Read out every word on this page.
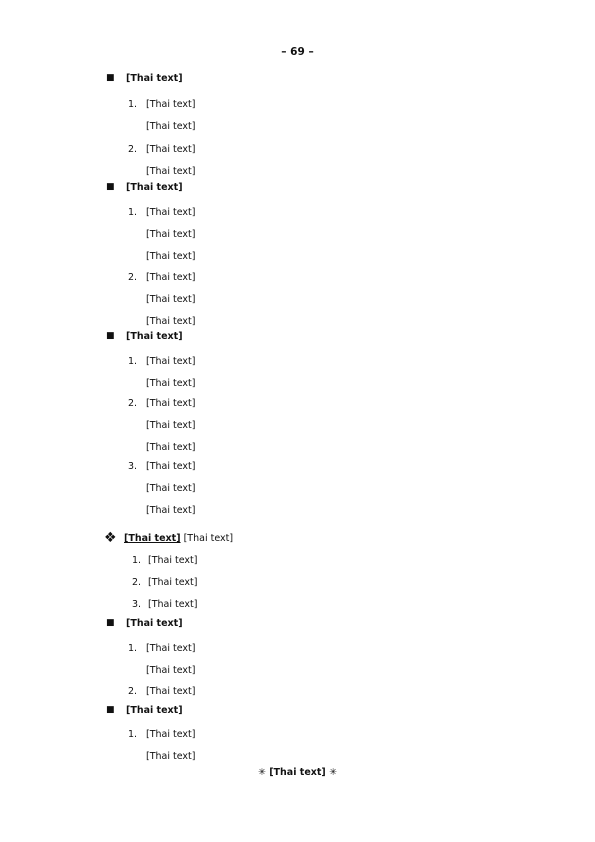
– 69 –
■ [Thai text]
1. [Thai text]
[Thai text]
2. [Thai text]
[Thai text]
■ [Thai text]
1. [Thai text]
[Thai text]
[Thai text]
2. [Thai text]
[Thai text]
[Thai text]
■ [Thai text]
1. [Thai text]
[Thai text]
2. [Thai text]
[Thai text]
[Thai text]
3. [Thai text]
[Thai text]
[Thai text]
❖ [Thai text] [Thai text]
1. [Thai text]
2. [Thai text]
3. [Thai text]
■ [Thai text]
1. [Thai text]
[Thai text]
2. [Thai text]
■ [Thai text]
1. [Thai text]
[Thai text]
✳ [Thai text] ✳
